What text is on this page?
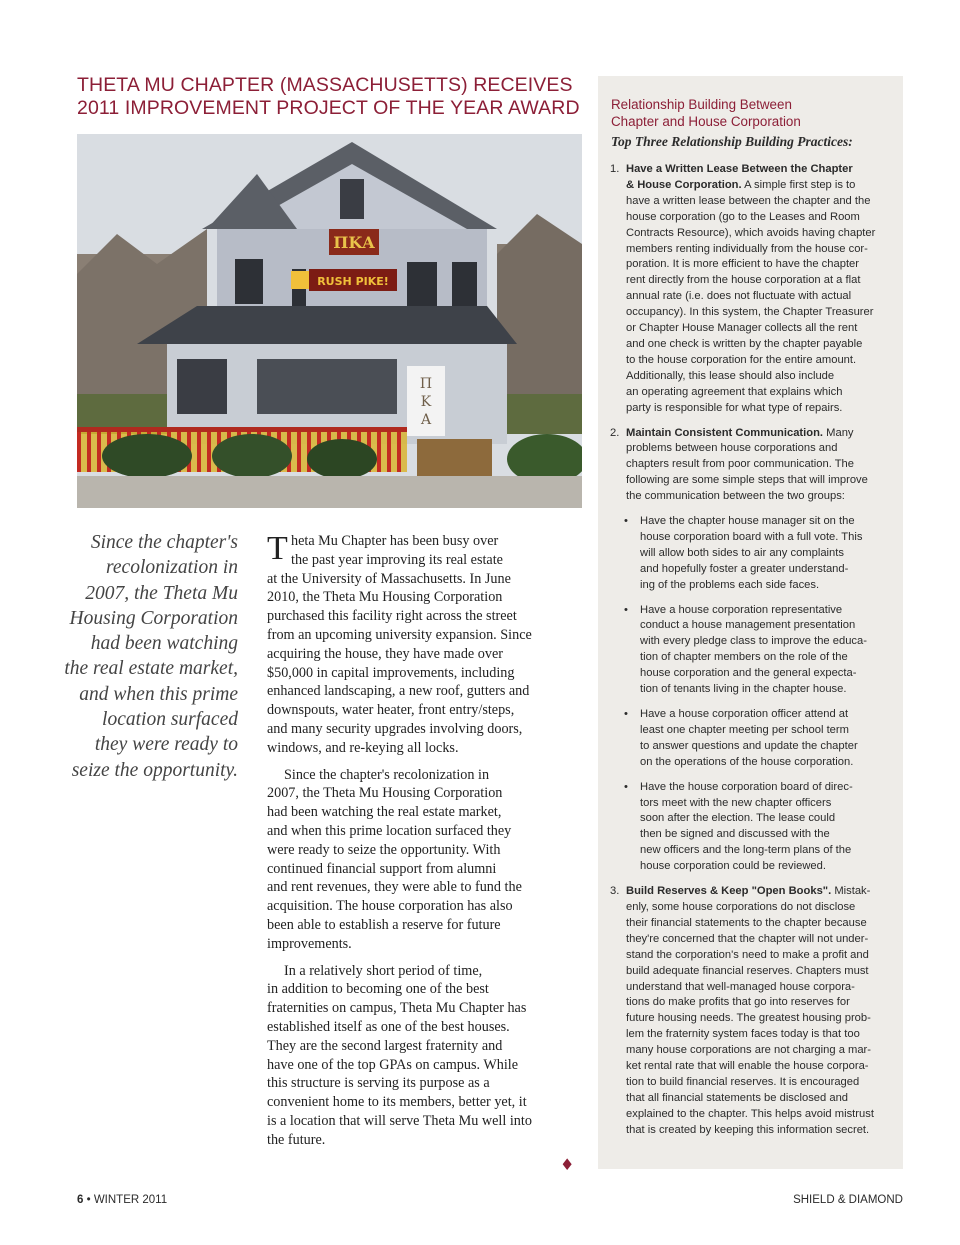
THETA MU CHAPTER (MASSACHUSETTS) RECEIVES
2011 IMPROVEMENT PROJECT OF THE YEAR AWARD
ΠΚΑ
RUSH PIKE!
Π
Κ
Α
Since the chapter's
recolonization in
2007, the Theta Mu
Housing Corporation
had been watching
the real estate market,
and when this prime
location surfaced
they were ready to
seize the opportunity.

T heta Mu Chapter has been busy over
the past year improving its real estate
at the University of Massachusetts. In June
2010, the Theta Mu Housing Corporation
purchased this facility right across the street
from an upcoming university expansion. Since
acquiring the house, they have made over
$50,000 in capital improvements, including
enhanced landscaping, a new roof, gutters and
downspouts, water heater, front entry/steps,
and many security upgrades involving doors,
windows, and re-keying all locks.

Since the chapter's recolonization in
2007, the Theta Mu Housing Corporation
had been watching the real estate market,
and when this prime location surfaced they
were ready to seize the opportunity. With
continued financial support from alumni
and rent revenues, they were able to fund the
acquisition. The house corporation has also
been able to establish a reserve for future
improvements.

In a relatively short period of time,
in addition to becoming one of the best
fraternities on campus, Theta Mu Chapter has
established itself as one of the best houses.
They are the second largest fraternity and
have one of the top GPAs on campus. While
this structure is serving its purpose as a
convenient home to its members, better yet, it
is a location that will serve Theta Mu well into
the future.

♦
Relationship Building Between
Chapter and House Corporation
Top Three Relationship Building Practices:
1. Have a Written Lease Between the Chapter
& House Corporation. A simple first step is to
have a written lease between the chapter and the
house corporation (go to the Leases and Room
Contracts Resource), which avoids having chapter
members renting individually from the house cor-
poration. It is more efficient to have the chapter
rent directly from the house corporation at a flat
annual rate (i.e. does not fluctuate with actual
occupancy). In this system, the Chapter Treasurer
or Chapter House Manager collects all the rent
and one check is written by the chapter payable
to the house corporation for the entire amount.
Additionally, this lease should also include
an operating agreement that explains which
party is responsible for what type of repairs.
2. Maintain Consistent Communication. Many
problems between house corporations and
chapters result from poor communication. The
following are some simple steps that will improve
the communication between the two groups:
• Have the chapter house manager sit on the
house corporation board with a full vote. This
will allow both sides to air any complaints
and hopefully foster a greater understand-
ing of the problems each side faces.
• Have a house corporation representative
conduct a house management presentation
with every pledge class to improve the educa-
tion of chapter members on the role of the
house corporation and the general expecta-
tion of tenants living in the chapter house.
• Have a house corporation officer attend at
least one chapter meeting per school term
to answer questions and update the chapter
on the operations of the house corporation.
• Have the house corporation board of direc-
tors meet with the new chapter officers
soon after the election. The lease could
then be signed and discussed with the
new officers and the long-term plans of the
house corporation could be reviewed.
3. Build Reserves & Keep "Open Books". Mistak-
enly, some house corporations do not disclose
their financial statements to the chapter because
they're concerned that the chapter will not under-
stand the corporation's need to make a profit and
build adequate financial reserves. Chapters must
understand that well-managed house corpora-
tions do make profits that go into reserves for
future housing needs. The greatest housing prob-
lem the fraternity system faces today is that too
many house corporations are not charging a mar-
ket rental rate that will enable the house corpora-
tion to build financial reserves. It is encouraged
that all financial statements be disclosed and
explained to the chapter. This helps avoid mistrust
that is created by keeping this information secret.
6 • WINTER 2011	SHIELD & DIAMOND
